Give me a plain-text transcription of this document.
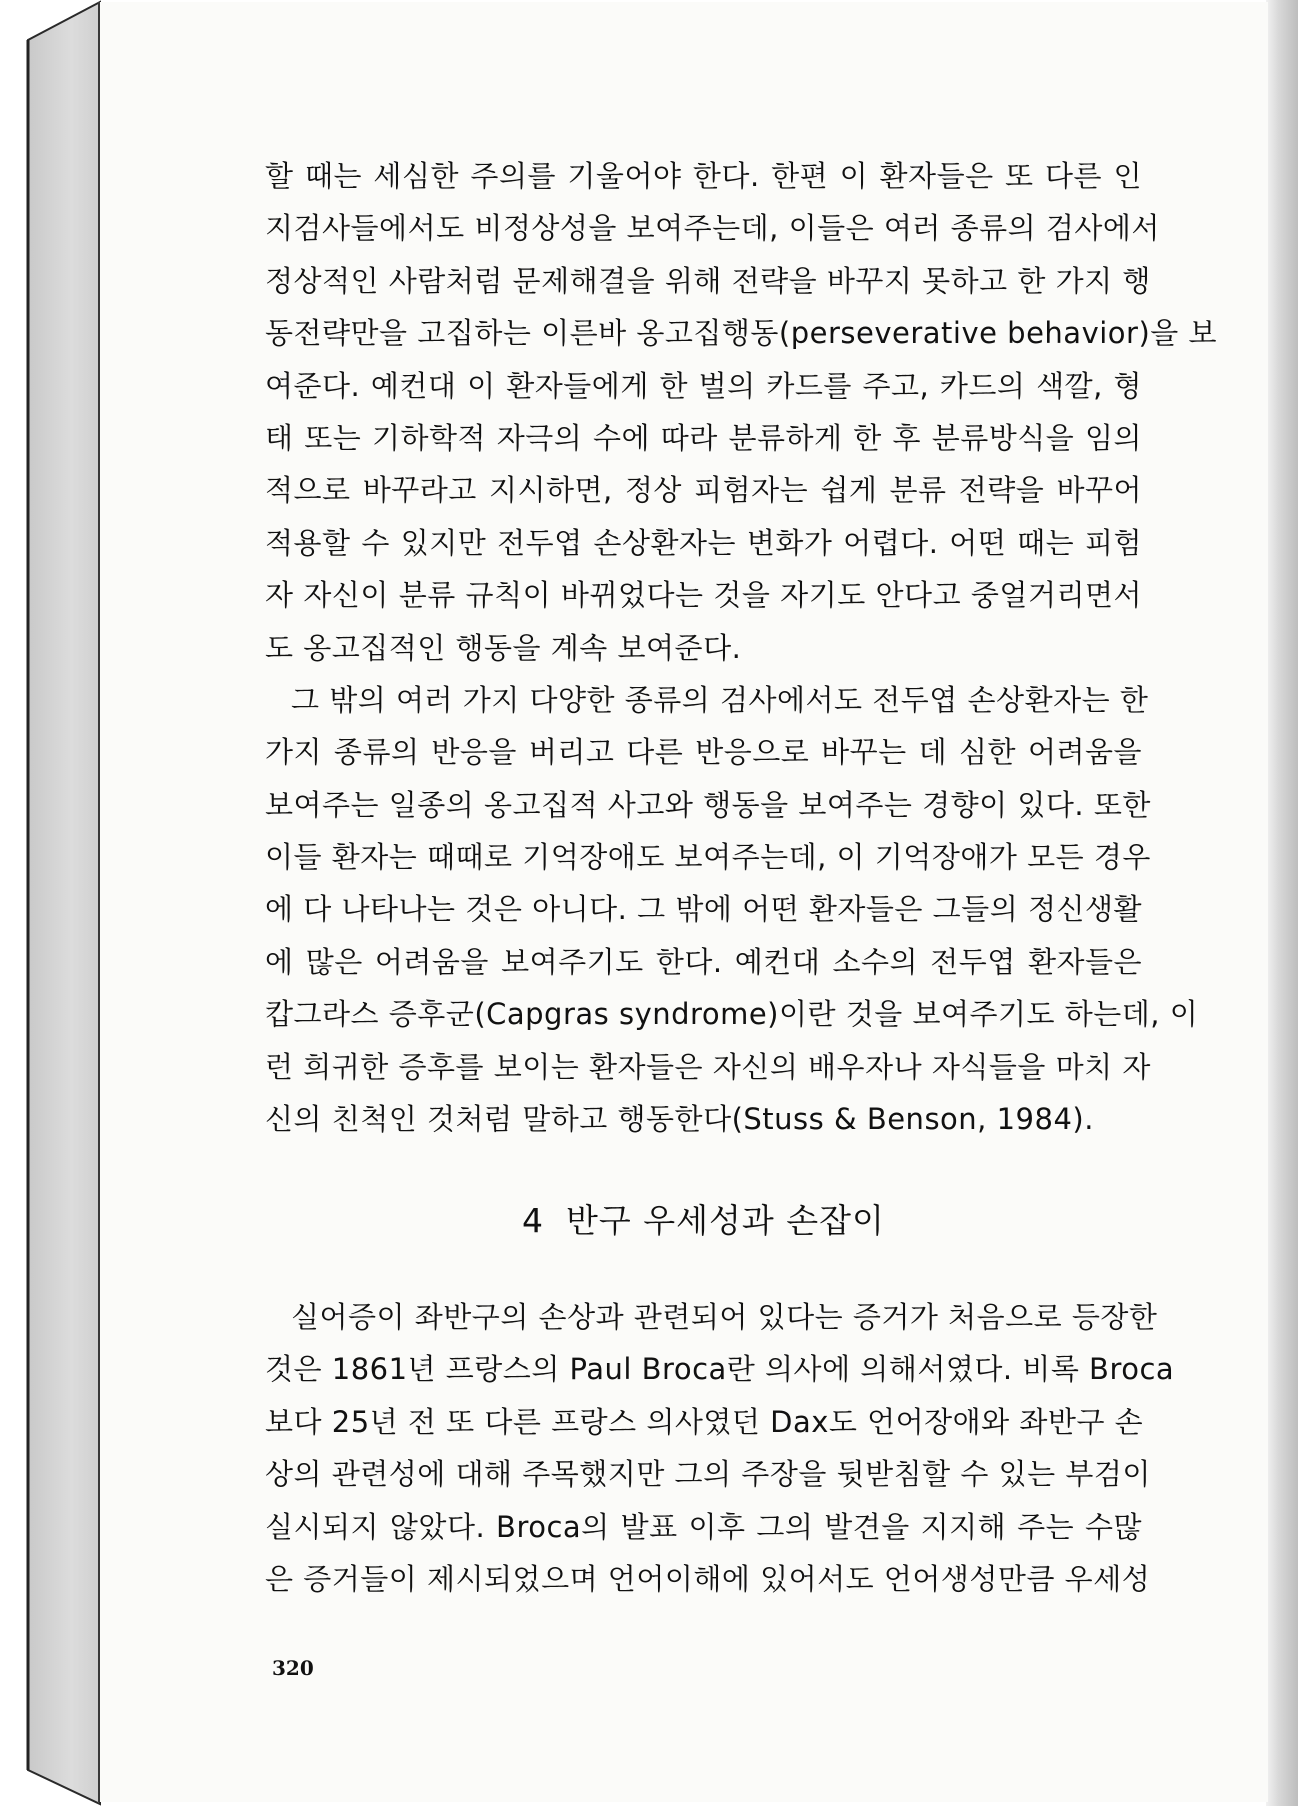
할 때는 세심한 주의를 기울어야 한다. 한편 이 환자들은 또 다른 인
지검사들에서도 비정상성을 보여주는데, 이들은 여러 종류의 검사에서
정상적인 사람처럼 문제해결을 위해 전략을 바꾸지 못하고 한 가지 행
동전략만을 고집하는 이른바 옹고집행동(perseverative behavior)을 보
여준다. 예컨대 이 환자들에게 한 벌의 카드를 주고, 카드의 색깔, 형
태 또는 기하학적 자극의 수에 따라 분류하게 한 후 분류방식을 임의
적으로 바꾸라고 지시하면, 정상 피험자는 쉽게 분류 전략을 바꾸어
적용할 수 있지만 전두엽 손상환자는 변화가 어렵다. 어떤 때는 피험
자 자신이 분류 규칙이 바뀌었다는 것을 자기도 안다고 중얼거리면서
도 옹고집적인 행동을 계속 보여준다.
그 밖의 여러 가지 다양한 종류의 검사에서도 전두엽 손상환자는 한
가지 종류의 반응을 버리고 다른 반응으로 바꾸는 데 심한 어려움을
보여주는 일종의 옹고집적 사고와 행동을 보여주는 경향이 있다. 또한
이들 환자는 때때로 기억장애도 보여주는데, 이 기억장애가 모든 경우
에 다 나타나는 것은 아니다. 그 밖에 어떤 환자들은 그들의 정신생활
에 많은 어려움을 보여주기도 한다. 예컨대 소수의 전두엽 환자들은
캅그라스 증후군(Capgras syndrome)이란 것을 보여주기도 하는데, 이
런 희귀한 증후를 보이는 환자들은 자신의 배우자나 자식들을 마치 자
신의 친척인 것처럼 말하고 행동한다(Stuss & Benson, 1984).
4 반구 우세성과 손잡이
실어증이 좌반구의 손상과 관련되어 있다는 증거가 처음으로 등장한
것은 1861년 프랑스의 Paul Broca란 의사에 의해서였다. 비록 Broca
보다 25년 전 또 다른 프랑스 의사였던 Dax도 언어장애와 좌반구 손
상의 관련성에 대해 주목했지만 그의 주장을 뒷받침할 수 있는 부검이
실시되지 않았다. Broca의 발표 이후 그의 발견을 지지해 주는 수많
은 증거들이 제시되었으며 언어이해에 있어서도 언어생성만큼 우세성
320
